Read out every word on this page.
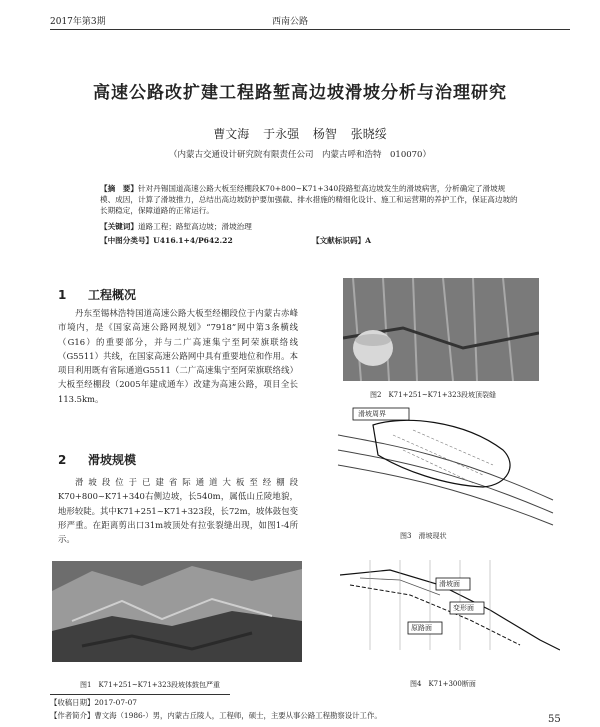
2017年第3期	西南公路
高速公路改扩建工程路堑高边坡滑坡分析与治理研究
曹文海 于永强 杨智 张晓绥
（内蒙古交通设计研究院有限责任公司　内蒙古呼和浩特　010070）
【摘　要】针对丹锡国道高速公路大板至经棚段K70+800~K71+340段路堑高边坡发生的滑坡病害，分析确定了滑坡规模、成因，计算了滑坡推力，总结出高边坡防护要加强截、排水措施的精细化设计、施工和运营期的养护工作，保证高边坡的长期稳定，保障道路的正常运行。
【关键词】道路工程；路堑高边坡；滑坡治理
【中图分类号】U416.1+4/P642.22	【文献标识码】A
1 工程概况
丹东至锡林浩特国道高速公路大板至经棚段位于内蒙古赤峰市境内，是《国家高速公路网规划》“7918”网中第3条横线（G16）的重要部分，并与二广高速集宁至阿荣旗联络线（G5511）共线，在国家高速公路网中具有重要地位和作用。本项目利用既有省际通道G5511（二广高速集宁至阿荣旗联络线）大板至经棚段（2005年建成通车）改建为高速公路，项目全长113.5km。
2 滑坡规模
滑坡段位于已建省际通道大板至经棚段K70+800~K71+340右侧边坡，长540m，属低山丘陵地貌，地形较陡。其中K71+251~K71+323段，长72m，坡体鼓包变形严重。在距离剪出口31m坡顶处有拉张裂缝出现，如图1-4所示。
图1　K71+251~K71+323段坡体鼓包严重
图2　K71+251~K71+323段坡顶裂缝
滑坡周界
图3　滑坡现状
滑坡面
变形面
原路面
图4　K71+300断面
【收稿日期】2017-07-07
【作者简介】曹文海（1986-）男，内蒙古丘陵人，工程师，硕士，主要从事公路工程勘察设计工作。	55
